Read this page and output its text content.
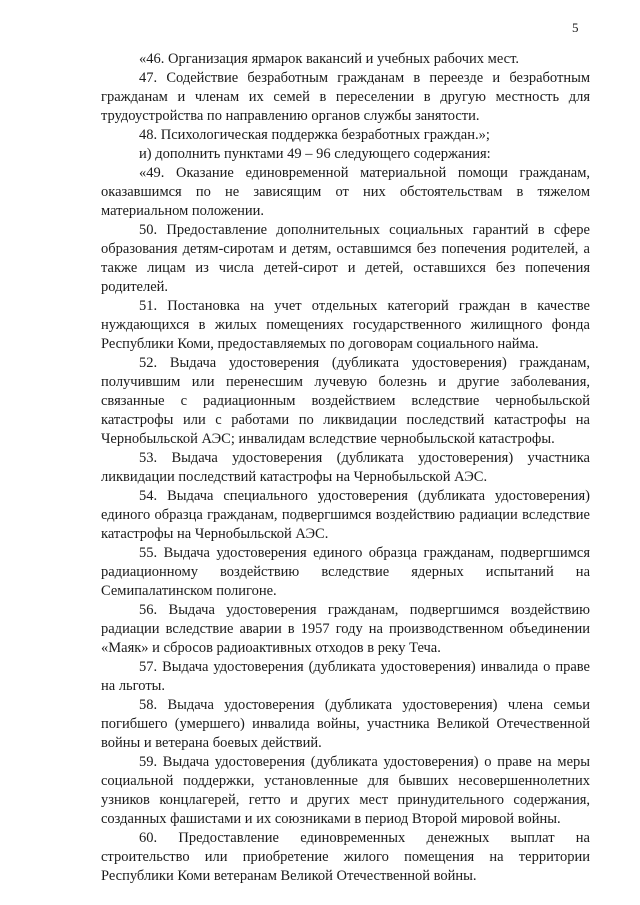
5

«46. Организация ярмарок вакансий и учебных рабочих мест.

47. Содействие безработным гражданам в переезде и безработным гражданам и членам их семей в переселении в другую местность для трудоустройства по направлению органов службы занятости.

48. Психологическая поддержка безработных граждан.»;

и) дополнить пунктами 49 – 96 следующего содержания:

«49. Оказание единовременной материальной помощи гражданам, оказавшимся по не зависящим от них обстоятельствам в тяжелом материальном положении.

50. Предоставление дополнительных социальных гарантий в сфере образования детям-сиротам и детям, оставшимся без попечения родителей, а также лицам из числа детей-сирот и детей, оставшихся без попечения родителей.

51. Постановка на учет отдельных категорий граждан в качестве нуждающихся в жилых помещениях государственного жилищного фонда Республики Коми, предоставляемых по договорам социального найма.

52. Выдача удостоверения (дубликата удостоверения) гражданам, получившим или перенесшим лучевую болезнь и другие заболевания, связанные с радиационным воздействием вследствие чернобыльской катастрофы или с работами по ликвидации последствий катастрофы на Чернобыльской АЭС; инвалидам вследствие чернобыльской катастрофы.

53. Выдача удостоверения (дубликата удостоверения) участника ликвидации последствий катастрофы на Чернобыльской АЭС.

54. Выдача специального удостоверения (дубликата удостоверения) единого образца гражданам, подвергшимся воздействию радиации вследствие катастрофы на Чернобыльской АЭС.

55. Выдача удостоверения единого образца гражданам, подвергшимся радиационному воздействию вследствие ядерных испытаний на Семипалатинском полигоне.

56. Выдача удостоверения гражданам, подвергшимся воздействию радиации вследствие аварии в 1957 году на производственном объединении «Маяк» и сбросов радиоактивных отходов в реку Теча.

57. Выдача удостоверения (дубликата удостоверения) инвалида о праве на льготы.

58. Выдача удостоверения (дубликата удостоверения) члена семьи погибшего (умершего) инвалида войны, участника Великой Отечественной войны и ветерана боевых действий.

59. Выдача удостоверения (дубликата удостоверения) о праве на меры социальной поддержки, установленные для бывших несовершеннолетних узников концлагерей, гетто и других мест принудительного содержания, созданных фашистами и их союзниками в период Второй мировой войны.

60. Предоставление единовременных денежных выплат на строительство или приобретение жилого помещения на территории Республики Коми ветеранам Великой Отечественной войны.
